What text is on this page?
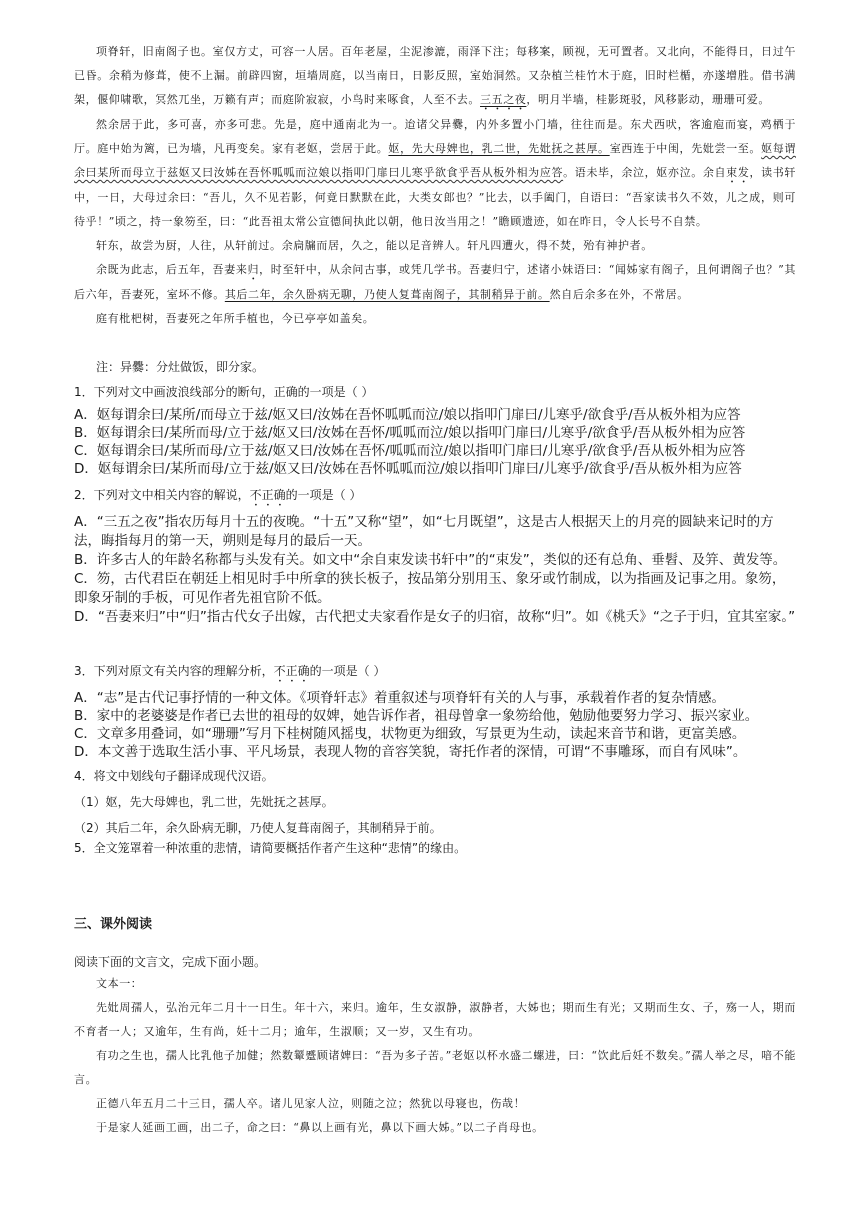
项脊轩，旧南阁子也。室仅方丈，可容一人居。百年老屋，尘泥渗漉，雨泽下注；每移案，顾视，无可置者。又北向，不能得日，日过午已昏。余稍为修葺，使不上漏。前辟四窗，垣墙周庭，以当南日，日影反照，室始洞然。又杂植兰桂竹木于庭，旧时栏楯，亦遂增胜。借书满架，偃仰啸歌，冥然兀坐，万籁有声；而庭阶寂寂，小鸟时来啄食，人至不去。三五之夜，明月半墙，桂影斑驳，风移影动，珊珊可爱。

然余居于此，多可喜，亦多可悲。先是，庭中通南北为一。迨诸父异爨，内外多置小门墙，往往而是。东犬西吠，客逾庖而宴，鸡栖于厅。庭中始为篱，已为墙，凡再变矣。家有老妪，尝居于此。妪，先大母婢也，乳二世，先妣抚之甚厚。室西连于中闺，先妣尝一至。妪每谓余曰某所而母立于兹妪又曰汝姊在吾怀呱呱而泣娘以指叩门扉曰儿寒乎欲食乎吾从板外相为应答。语未毕，余泣，妪亦泣。余自束发，读书轩中，一日，大母过余曰：“吾儿，久不见若影，何竟日默默在此，大类女郎也？”比去，以手阖门，自语曰：“吾家读书久不效，儿之成，则可待乎！”顷之，持一象笏至，曰：“此吾祖太常公宣德间执此以朝，他日汝当用之！”瞻顾遗迹，如在昨日，令人长号不自禁。

轩东，故尝为厨，人往，从轩前过。余扃牖而居，久之，能以足音辨人。轩凡四遭火，得不焚，殆有神护者。

余既为此志，后五年，吾妻来归，时至轩中，从余问古事，或凭几学书。吾妻归宁，述诸小妹语曰：“闻姊家有阁子，且何谓阁子也？”其后六年，吾妻死，室坏不修。其后二年，余久卧病无聊，乃使人复葺南阁子，其制稍异于前。然自后余多在外，不常居。

庭有枇杷树，吾妻死之年所手植也，今已亭亭如盖矣。

注：异爨：分灶做饭，即分家。

1．下列对文中画波浪线部分的断句，正确的一项是（ ）

A．妪每谓余曰/某所/而母立于兹/妪又曰/汝姊在吾怀呱呱而泣/娘以指叩门扉曰/儿寒乎/欲食乎/吾从板外相为应答

B．妪每谓余曰/某所而母/立于兹/妪又曰/汝姊在吾怀/呱呱而泣/娘以指叩门扉曰/儿寒乎/欲食乎/吾从板外相为应答

C．妪每谓余曰/某所而母/立于兹/妪又曰/汝姊在吾怀/呱呱而泣/娘以指叩门扉曰/儿寒乎/欲食乎/吾从板外相为应答

D．妪每谓余曰/某所而母/立于兹/妪又曰/汝姊在吾怀呱呱而泣/娘以指叩门扉曰/儿寒乎/欲食乎/吾从板外相为应答

2．下列对文中相关内容的解说，不正确的一项是（ ）

A．“三五之夜”指农历每月十五的夜晚。“十五”又称“望”，如“七月既望”，这是古人根据天上的月亮的圆缺来记时的方法，晦指每月的第一天，朔则是每月的最后一天。

B．许多古人的年龄名称都与头发有关。如文中“余自束发读书轩中”的“束发”，类似的还有总角、垂髫、及笄、黄发等。

C．笏，古代君臣在朝廷上相见时手中所拿的狭长板子，按品第分别用玉、象牙或竹制成，以为指画及记事之用。象笏，即象牙制的手板，可见作者先祖官阶不低。

D．“吾妻来归”中“归”指古代女子出嫁，古代把丈夫家看作是女子的归宿，故称“归”。如《桃夭》“之子于归，宜其室家。”

3．下列对原文有关内容的理解分析，不正确的一项是（ ）

A．“志”是古代记事抒情的一种文体。《项脊轩志》着重叙述与项脊轩有关的人与事，承载着作者的复杂情感。

B．家中的老婆婆是作者已去世的祖母的奴婢，她告诉作者，祖母曾拿一象笏给他，勉励他要努力学习、振兴家业。

C．文章多用叠词，如“珊珊”写月下桂树随风摇曳，状物更为细致，写景更为生动，读起来音节和谐，更富美感。

D．本文善于选取生活小事、平凡场景，表现人物的音容笑貌，寄托作者的深情，可谓“不事雕琢，而自有风味”。

4．将文中划线句子翻译成现代汉语。

（1）妪，先大母婢也，乳二世，先妣抚之甚厚。

（2）其后二年，余久卧病无聊，乃使人复葺南阁子，其制稍异于前。

5．全文笼罩着一种浓重的悲情，请简要概括作者产生这种“悲情”的缘由。

三、课外阅读

阅读下面的文言文，完成下面小题。

文本一：

先妣周孺人，弘治元年二月十一日生。年十六，来归。逾年，生女淑静，淑静者，大姊也；期而生有光；又期而生女、子，殇一人，期而不育者一人；又逾年，生有尚，妊十二月；逾年，生淑顺；又一岁，又生有功。

有功之生也，孺人比乳他子加健；然数颦蹙顾诸婢曰：“吾为多子苦。”老妪以杯水盛二螺进，曰：“饮此后妊不数矣。”孺人举之尽，喑不能言。

正德八年五月二十三日，孺人卒。诸儿见家人泣，则随之泣；然犹以母寝也，伤哉！

于是家人延画工画，出二子，命之曰：“鼻以上画有光，鼻以下画大姊。”以二子肖母也。
